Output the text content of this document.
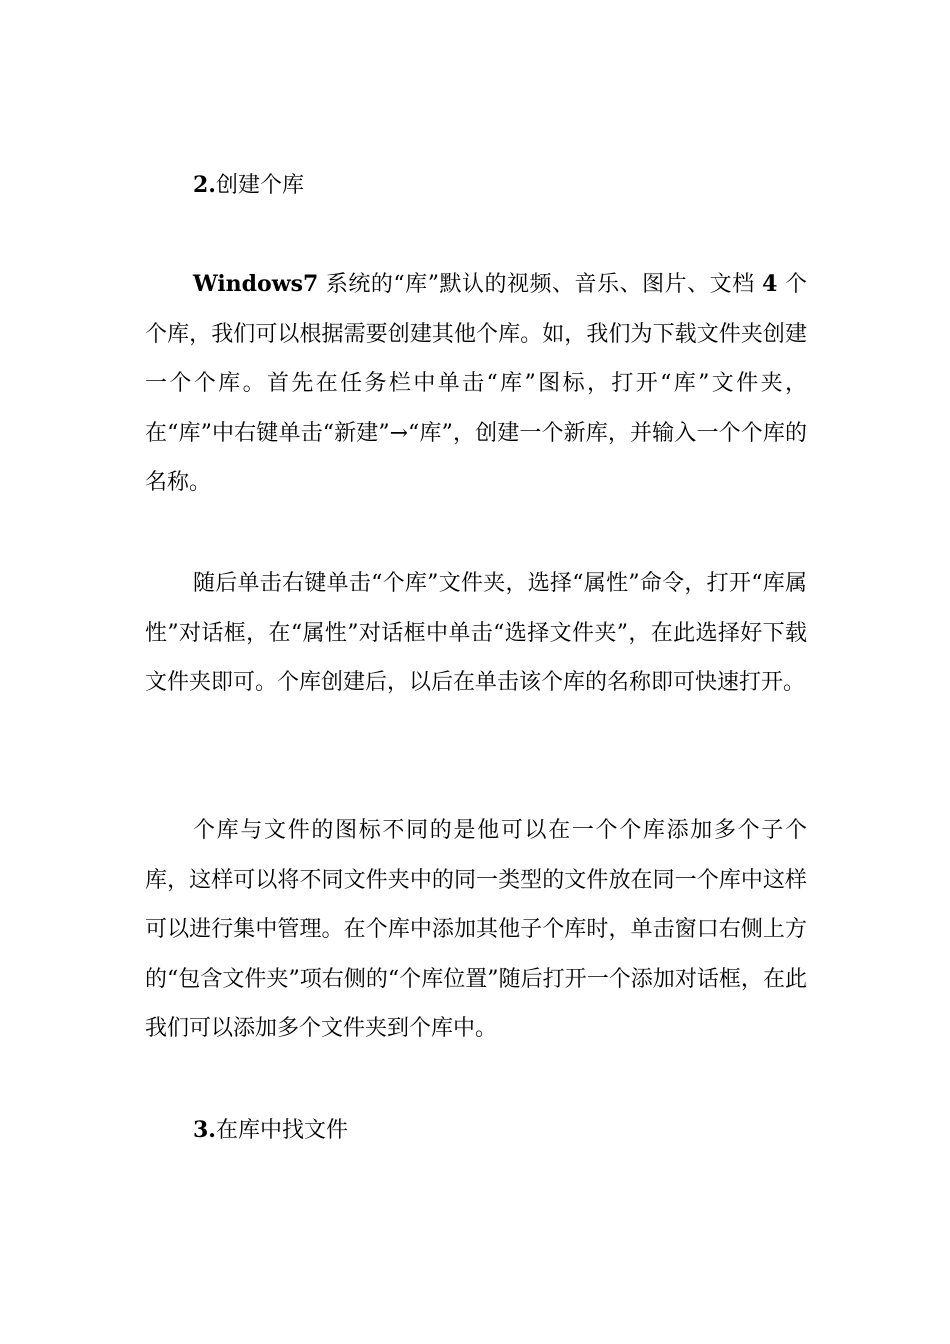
2.创建个库

Windows7 系统的“库”默认的视频、音乐、图片、文档 4 个个库，我们可以根据需要创建其他个库。如，我们为下载文件夹创建一个个库。首先在任务栏中单击“库”图标，打开“库”文件夹，在“库”中右键单击“新建”→“库”，创建一个新库，并输入一个个库的名称。

随后单击右键单击“个库”文件夹，选择“属性”命令，打开“库属性”对话框，在“属性”对话框中单击“选择文件夹”，在此选择好下载文件夹即可。个库创建后，以后在单击该个库的名称即可快速打开。

个库与文件的图标不同的是他可以在一个个库添加多个子个库，这样可以将不同文件夹中的同一类型的文件放在同一个库中这样可以进行集中管理。在个库中添加其他子个库时，单击窗口右侧上方的“包含文件夹”项右侧的“个库位置”随后打开一个添加对话框，在此我们可以添加多个文件夹到个库中。

3.在库中找文件
